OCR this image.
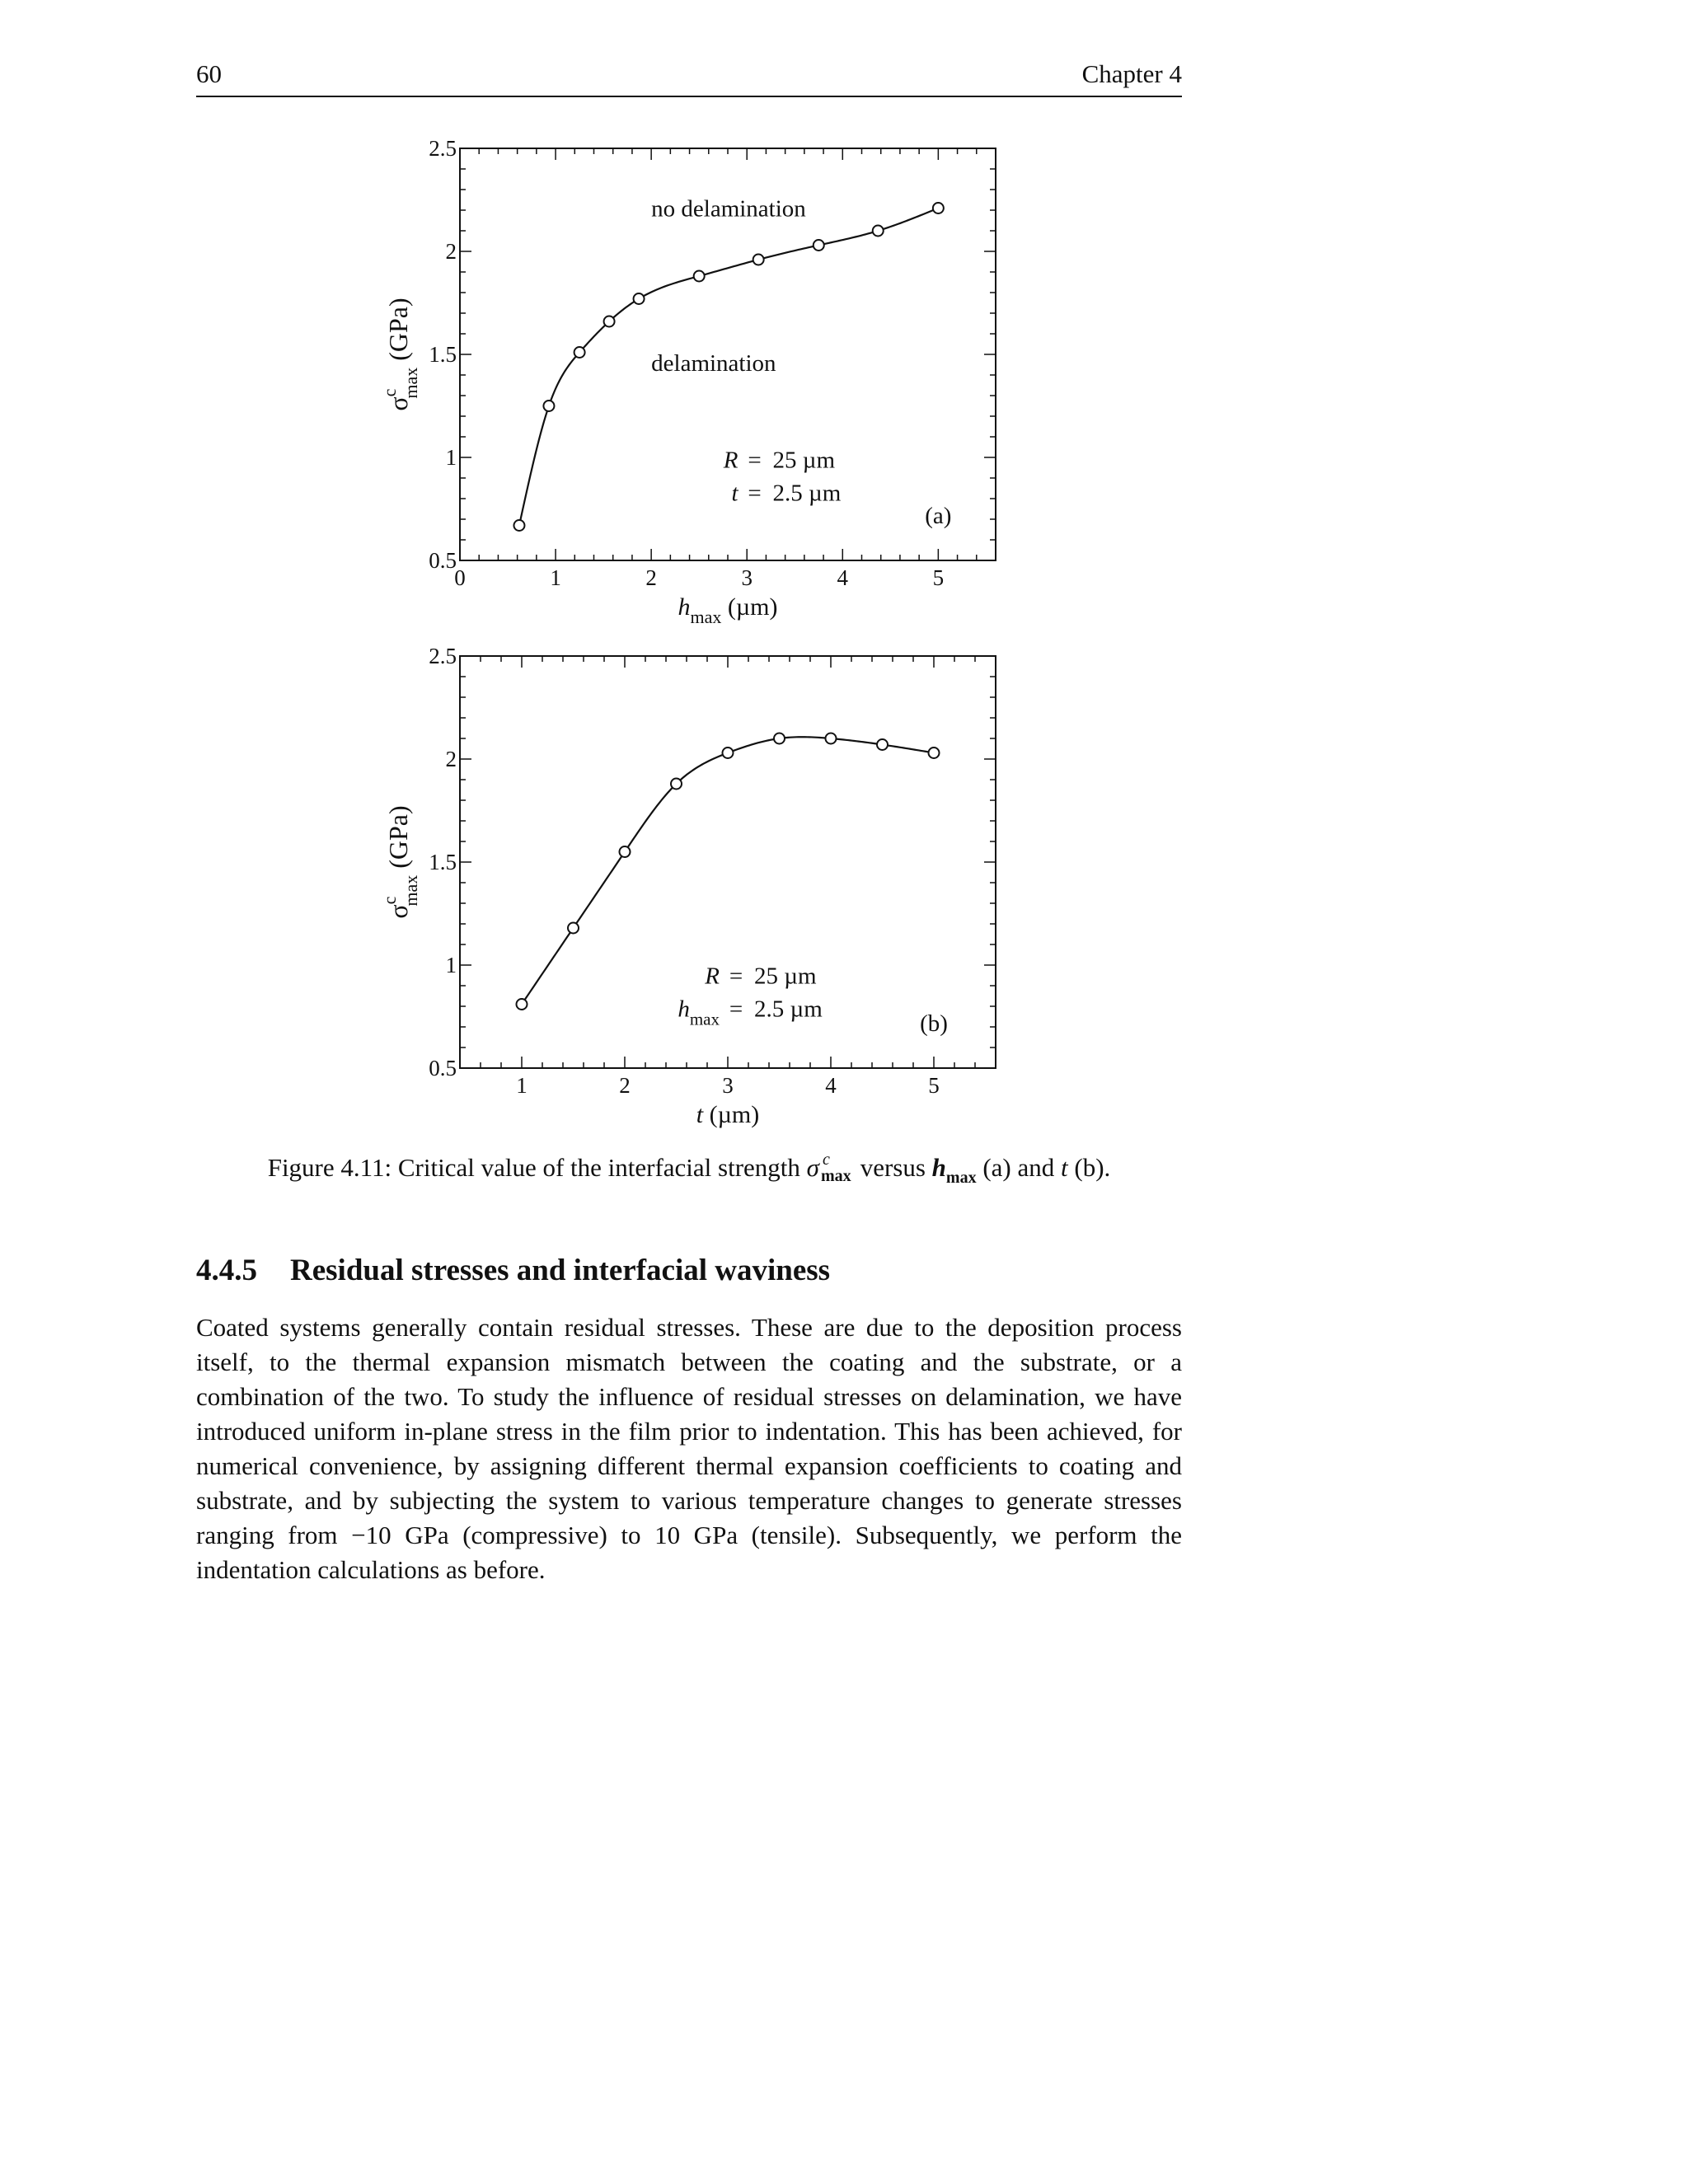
60	Chapter 4
0	1	2	3	4	5
0.5
1
1.5
2
2.5
$h_{max}$ (µm)
$\sigma^c\max$ (GPa)
no delamination
delamination
R = 25 µm
t = 2.5 µm
(a)
1	2	3	4	5
0.5
1
1.5
2
2.5
t (µm)
$\sigma^c\max$ (GPa)
R = 25 µm
$h_{max} = 2.5$ µm
(b)
Figure 4.11: Critical value of the interfacial strength σ c
max versus $h_{max}$ (a) and t (b).
4.4.5 Residual stresses and interfacial waviness

Coated systems generally contain residual stresses. These are due to the deposition process itself, to the thermal expansion mismatch between the coating and the substrate, or a combination of the two. To study the influence of residual stresses on delamination, we have introduced uniform in-plane stress in the film prior to indentation. This has been achieved, for numerical convenience, by assigning different thermal expansion coefficients to coating and substrate, and by subjecting the system to various temperature changes to generate stresses ranging from −10 GPa (compressive) to 10 GPa (tensile). Subsequently, we perform the indentation calculations as before.
